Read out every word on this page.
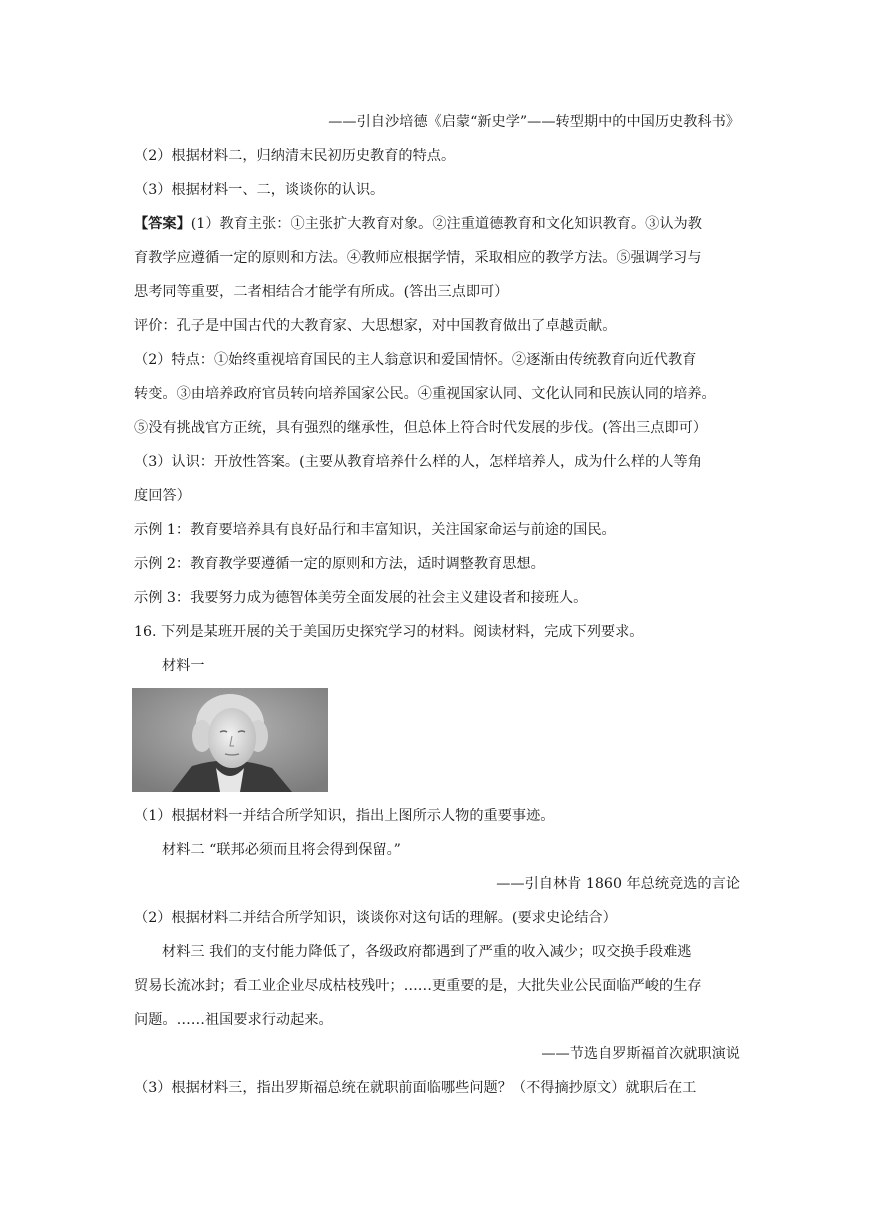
——引自沙培德《启蒙“新史学”——转型期中的中国历史教科书》
（2）根据材料二，归纳清末民初历史教育的特点。
（3）根据材料一、二，谈谈你的认识。
【答案】(1）教育主张：①主张扩大教育对象。②注重道德教育和文化知识教育。③认为教
育教学应遵循一定的原则和方法。④教师应根据学情，采取相应的教学方法。⑤强调学习与
思考同等重要，二者相结合才能学有所成。(答出三点即可）
评价：孔子是中国古代的大教育家、大思想家，对中国教育做出了卓越贡献。
（2）特点：①始终重视培育国民的主人翁意识和爱国情怀。②逐渐由传统教育向近代教育
转变。③由培养政府官员转向培养国家公民。④重视国家认同、文化认同和民族认同的培养。
⑤没有挑战官方正统，具有强烈的继承性，但总体上符合时代发展的步伐。(答出三点即可）
（3）认识：开放性答案。(主要从教育培养什么样的人，怎样培养人，成为什么样的人等角
度回答）
示例 1：教育要培养具有良好品行和丰富知识，关注国家命运与前途的国民。
示例 2：教育教学要遵循一定的原则和方法，适时调整教育思想。
示例 3：我要努力成为德智体美劳全面发展的社会主义建设者和接班人。
16. 下列是某班开展的关于美国历史探究学习的材料。阅读材料，完成下列要求。
材料一
（1）根据材料一并结合所学知识，指出上图所示人物的重要事迹。
材料二 “联邦必须而且将会得到保留。”
——引自林肯 1860 年总统竞选的言论
（2）根据材料二并结合所学知识，谈谈你对这句话的理解。(要求史论结合）
材料三 我们的支付能力降低了，各级政府都遇到了严重的收入减少；叹交换手段难逃
贸易长流冰封；看工业企业尽成枯枝残叶；……更重要的是，大批失业公民面临严峻的生存
问题。……祖国要求行动起来。
——节选自罗斯福首次就职演说
（3）根据材料三，指出罗斯福总统在就职前面临哪些问题？（不得摘抄原文）就职后在工
